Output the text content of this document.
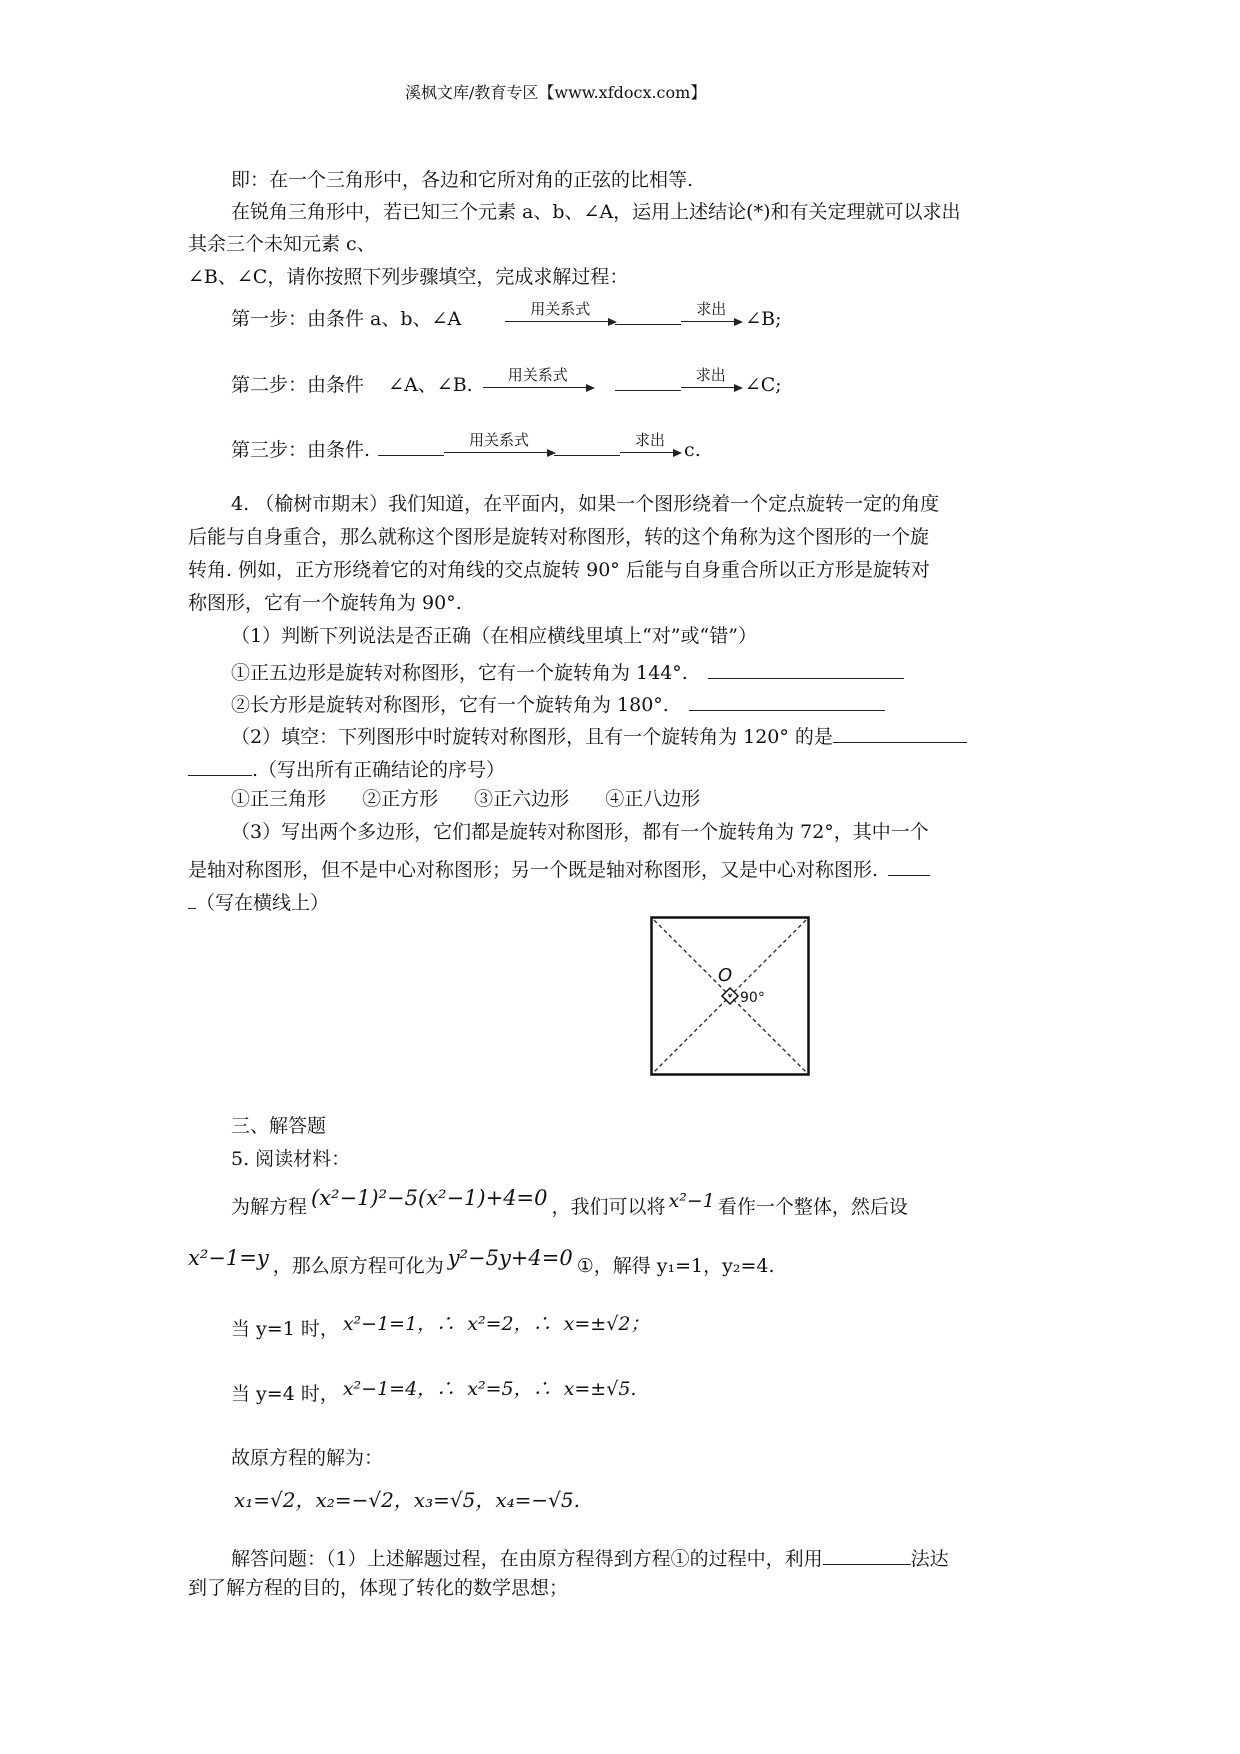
溪枫文库/教育专区【www.xfdocx.com】
即：在一个三角形中，各边和它所对角的正弦的比相等.
在锐角三角形中，若已知三个元素 a、b、∠A，运用上述结论(*)和有关定理就可以求出
其余三个未知元素 c、
∠B、∠C，请你按照下列步骤填空，完成求解过程：
第一步：由条件 a、b、∠A	用关系式	求出	∠B;
第二步：由条件    ∠A、∠B.	用关系式	求出	∠C;
第三步：由条件.	用关系式	求出	c.
4. （榆树市期末）我们知道，在平面内，如果一个图形绕着一个定点旋转一定的角度
后能与自身重合，那么就称这个图形是旋转对称图形，转的这个角称为这个图形的一个旋
转角. 例如，正方形绕着它的对角线的交点旋转 90° 后能与自身重合所以正方形是旋转对
称图形，它有一个旋转角为 90°.
（1）判断下列说法是否正确（在相应横线里填上“对”或“错”）
①正五边形是旋转对称图形，它有一个旋转角为 144°.
②长方形是旋转对称图形，它有一个旋转角为 180°.
（2）填空：下列图形中时旋转对称图形，且有一个旋转角为 120° 的是
.（写出所有正确结论的序号）
①正三角形 ②正方形 ③正六边形 ④正八边形
（3）写出两个多边形，它们都是旋转对称图形，都有一个旋转角为 72°，其中一个
是轴对称图形，但不是中心对称图形；另一个既是轴对称图形，又是中心对称图形.
（写在横线上）
O
90°
三、解答题
5. 阅读材料：
为解方程 (x²−1)²−5(x²−1)+4=0 ，我们可以将 x²−1 看作一个整体，然后设
x²−1=y ，那么原方程可化为 y²−5y+4=0 ①，解得 y₁=1，y₂=4.
当 y=1 时， x²−1=1，∴  x²=2，∴  x=±√2；
当 y=4 时， x²−1=4，∴  x²=5，∴  x=±√5.
故原方程的解为：
x₁=√2，x₂=−√2，x₃=√5，x₄=−√5.
解答问题：（1）上述解题过程，在由原方程得到方程①的过程中，利用	法达
到了解方程的目的，体现了转化的数学思想；
